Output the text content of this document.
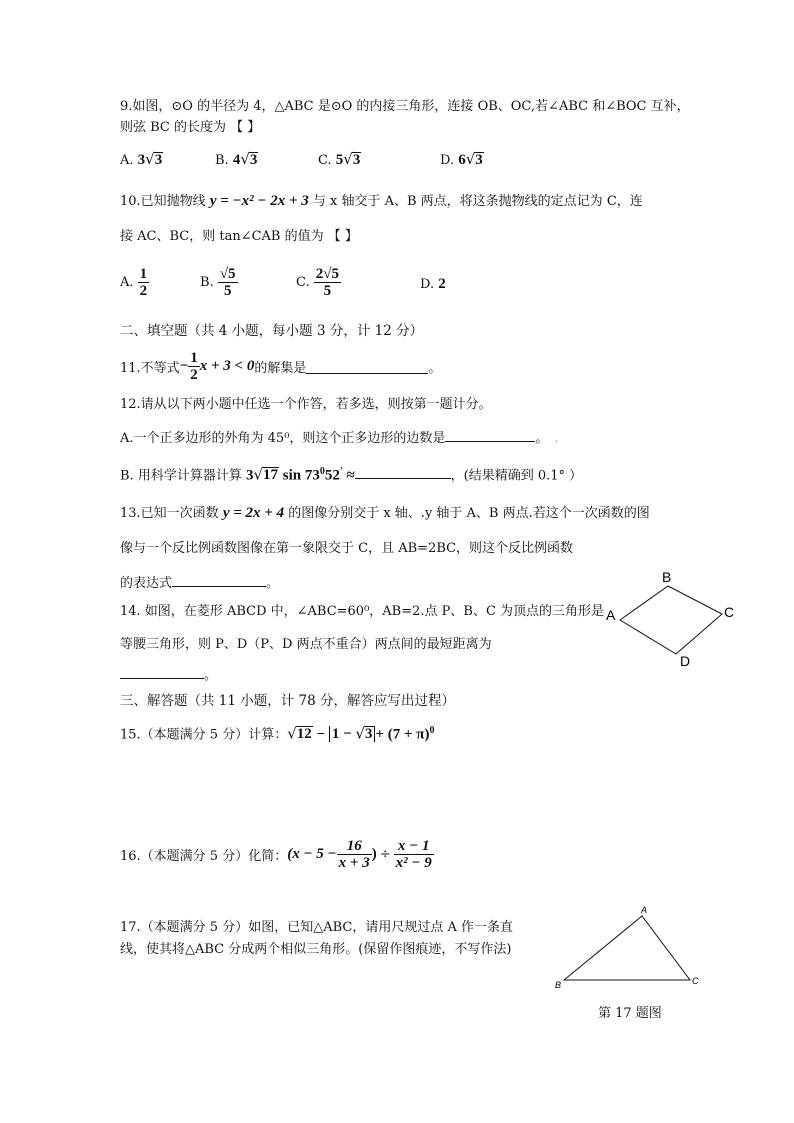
9.如图，⊙O 的半径为 4，△ABC 是⊙O 的内接三角形，连接 OB、OC,若∠ABC 和∠BOC 互补，
则弦 BC 的长度为 【 】
A. 3√3	B. 4√3	C. 5√3	D. 6√3
10.已知抛物线 y = −x² − 2x + 3 与 x 轴交于 A、B 两点，将这条抛物线的定点记为 C，连
接 AC、BC，则 tan∠CAB 的值为 【 】
A. $\frac{1}{2}$	B. $\frac{√5}{5}$	C. $\frac{2√5}{5}$	D. 2
二、填空题（共 4 小题，每小题 3 分，计 12 分）
11.不等式− $\frac{1}{2}$ x + 3 < 0的解集是	。
12.请从以下两小题中任选一个作答，若多选，则按第一题计分。
A.一个正多边形的外角为 45⁰，则这个正多边形的边数是	。 .
B. 用科学计算器计算 3√17 $\sin 73^052'$ ≈	，(结果精确到 0.1° ）
13.已知一次函数 y = 2x + 4 的图像分别交于 x 轴、.y 轴于 A、B 两点.若这个一次函数的图
像与一个反比例函数图像在第一象限交于 C，且 AB=2BC，则这个反比例函数
的表达式	。
14. 如图，在菱形 ABCD 中，∠ABC=60⁰，AB=2.点 P、B、C 为顶点的三角形是
等腰三角形，则 P、D（P、D 两点不重合）两点间的最短距离为
。
B
A	C
D
三、解答题（共 11 小题，计 78 分，解答应写出过程）
15.（本题满分 5 分）计算：$√12 - 1 - √3 + (7 + \pi)^0$
16.（本题满分 5 分）化简：($x - 5 - \frac{16}{x + 3}$ ) ÷ $\frac{x - 1}{\text{x² − 9}}$
17.（本题满分 5 分）如图，已知△ABC，请用尺规过点 A 作一条直
线，使其将△ABC 分成两个相似三角形。(保留作图痕迹，不写作法)
A
B	C
第 17 题图
